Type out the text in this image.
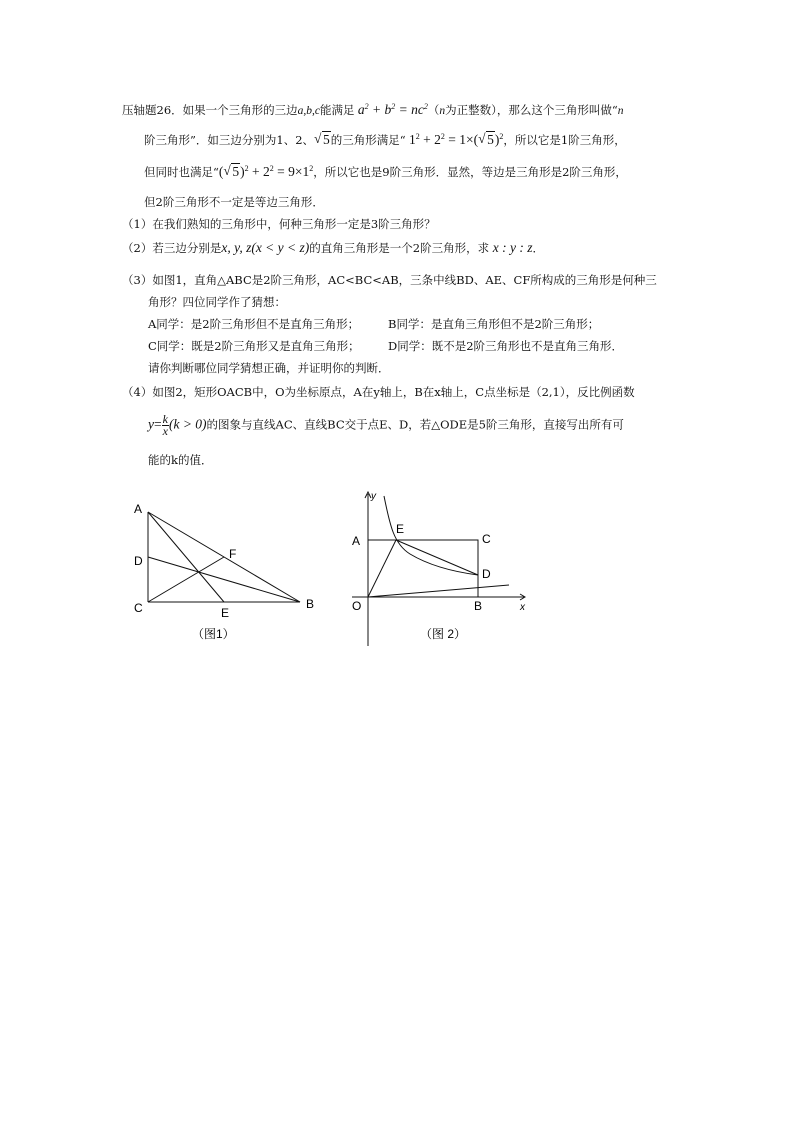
压轴题26．如果一个三角形的三边a,b,c能满足 $a^2 + b^2 = nc^2(n$为正整数），那么这个三角形叫做“n
阶三角形”．如三边分别为1、2、√ 5的三角形满足“ $1^2 + 2^2 = 1\times(√$ 5)$^2$，所以它是1阶三角形，
但同时也满足“(√ $5)^2 + 2^2 = 9\times 1^2$，所以它也是9阶三角形．显然，等边是三角形是2阶三角形，
但2阶三角形不一定是等边三角形．
（1）在我们熟知的三角形中，何种三角形一定是3阶三角形？
（2）若三边分别是x, y, z(x < y < z)的直角三角形是一个2阶三角形，求 x : y : z．
（3）如图1，直角△ABC是2阶三角形，AC<BC<AB，三条中线BD、AE、CF所构成的三角形是何种三
角形？四位同学作了猜想：
A同学：是2阶三角形但不是直角三角形；	B同学：是直角三角形但不是2阶三角形；
C同学：既是2阶三角形又是直角三角形； D同学：既不是2阶三角形也不是直角三角形．
请你判断哪位同学猜想正确，并证明你的判断．
（4）如图2，矩形OACB中，O为坐标原点，A在y轴上，B在x轴上，C点坐标是（2,1），反比例函数
$y= \frac{k}{x} (k > 0)$的图象与直线AC、直线BC交于点E、D，若△ODE是5阶三角形，直接写出所有可
能的k的值．
A
D
C	B
E
F
（图1）
y
x
A
E
C
D
O	B
（图 2）
